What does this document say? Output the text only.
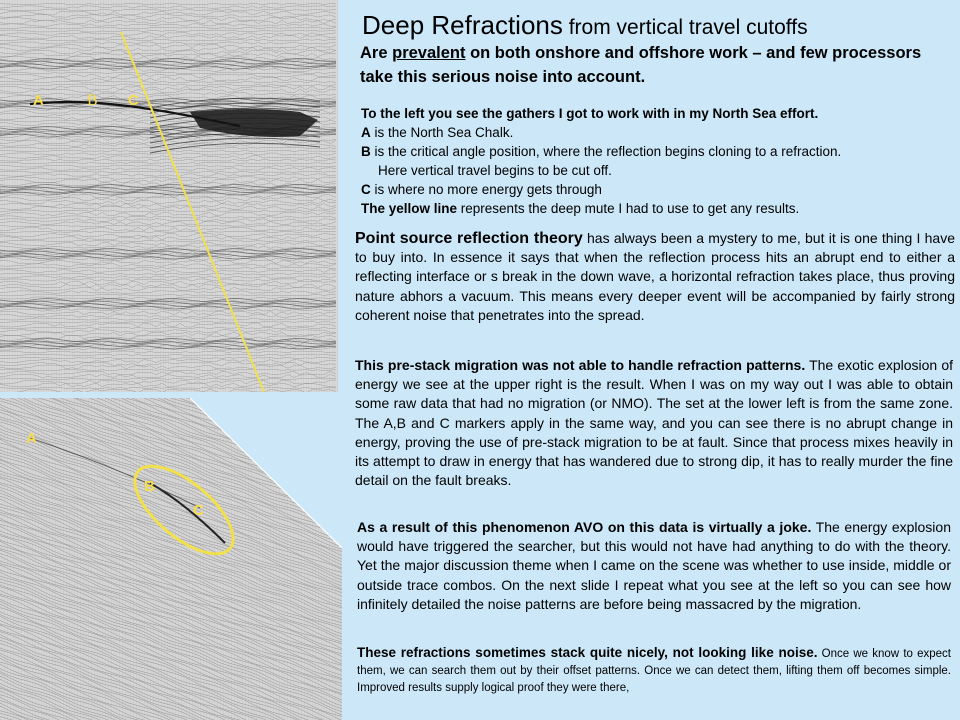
A	B C
A
B
C
Deep Refractions from vertical travel cutoffs
Are prevalent on both onshore and offshore work – and few processors take this serious noise into account.
To the left you see the gathers I got to work with in my North Sea effort.
A is the North Sea Chalk.
B is the critical angle position, where the reflection begins cloning to a refraction.
Here vertical travel begins to be cut off.
C is where no more energy gets through
The yellow line represents the deep mute I had to use to get any results.
Point source reflection theory has always been a mystery to me, but it is one thing I have to buy into. In essence it says that when the reflection process hits an abrupt end to either a reflecting interface or s break in the down wave, a horizontal refraction takes place, thus proving nature abhors a vacuum. This means every deeper event will be accompanied by fairly strong coherent noise that penetrates into the spread.
This pre-stack migration was not able to handle refraction patterns. The exotic explosion of energy we see at the upper right is the result. When I was on my way out I was able to obtain some raw data that had no migration (or NMO). The set at the lower left is from the same zone. The A,B and C markers apply in the same way, and you can see there is no abrupt change in energy, proving the use of pre-stack migration to be at fault. Since that process mixes heavily in its attempt to draw in energy that has wandered due to strong dip, it has to really murder the fine detail on the fault breaks.
As a result of this phenomenon AVO on this data is virtually a joke. The energy explosion would have triggered the searcher, but this would not have had anything to do with the theory. Yet the major discussion theme when I came on the scene was whether to use inside, middle or outside trace combos. On the next slide I repeat what you see at the left so you can see how infinitely detailed the noise patterns are before being massacred by the migration.
These refractions sometimes stack quite nicely, not looking like noise. Once we know to expect them, we can search them out by their offset patterns. Once we can detect them, lifting them off becomes simple. Improved results supply logical proof they were there,
